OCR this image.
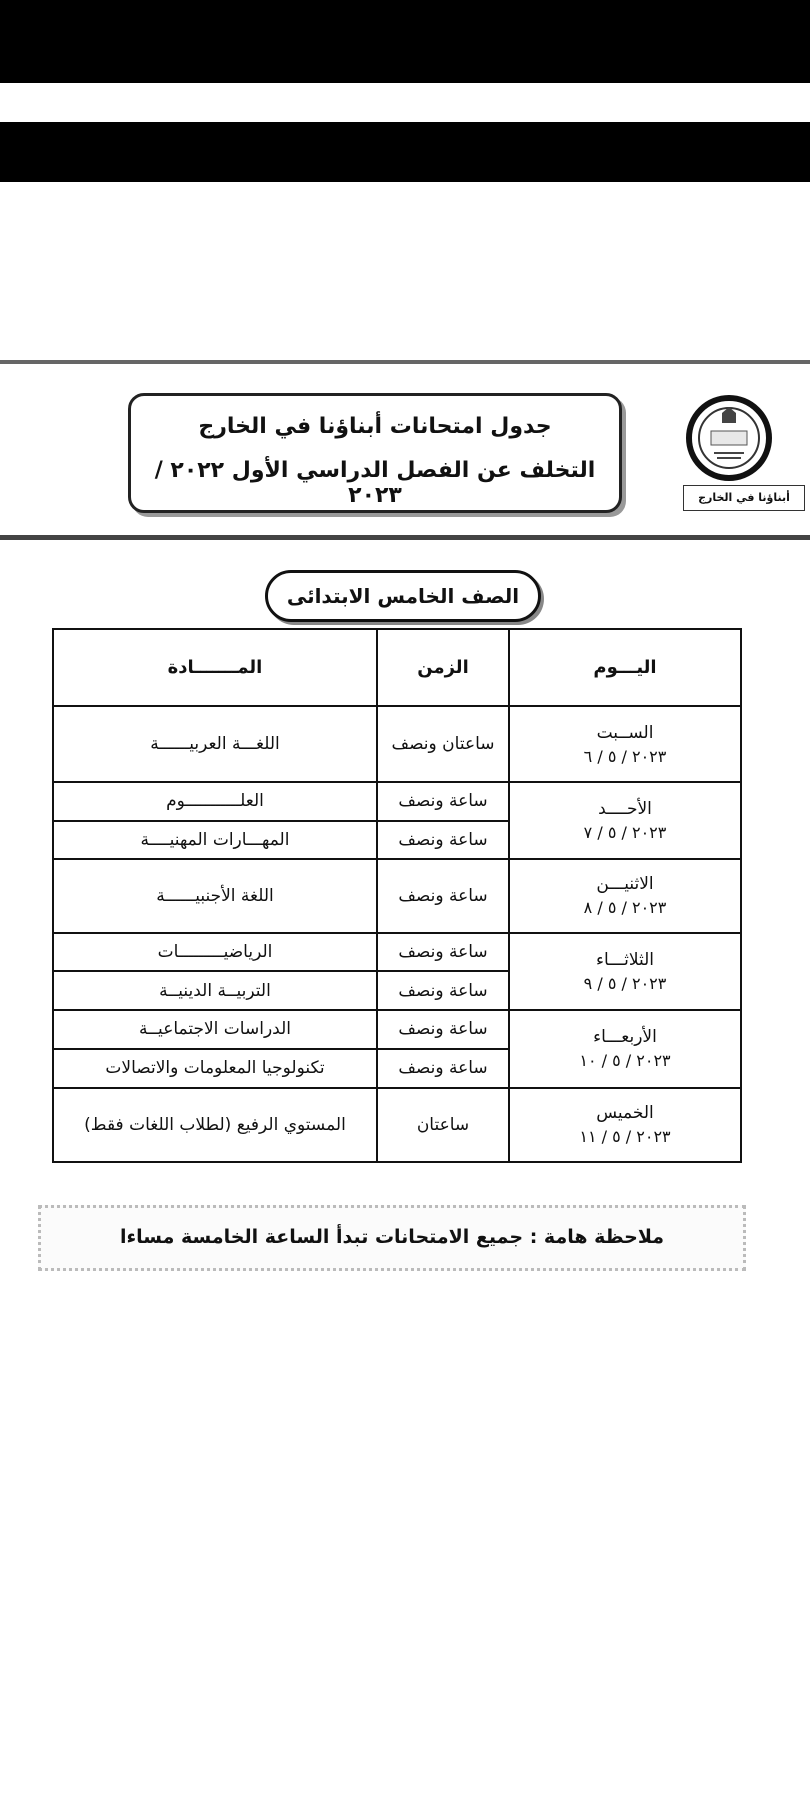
أبناؤنا في الخارج
جدول امتحانات أبناؤنا في الخارج
التخلف عن الفصل الدراسي الأول ٢٠٢٢ / ٢٠٢٣
الصف الخامس الابتدائى
اليـــوم	الزمن	المـــــــادة

الســبت
٢٠٢٣ / ٥ / ٦	ساعتان ونصف	اللغـــة العربيــــــة

الأحــــد
٢٠٢٣ / ٥ / ٧	ساعة ونصف	العلـــــــــــوم
	ساعة ونصف	المهـــارات المهنيــــة

الاثنيـــن
٢٠٢٣ / ٥ / ٨	ساعة ونصف	اللغة الأجنبيــــــة

الثلاثـــاء
٢٠٢٣ / ٥ / ٩	ساعة ونصف	الرياضيـــــــــات
	ساعة ونصف	التربيــة الدينيــة

الأربعـــاء
٢٠٢٣ / ٥ / ١٠	ساعة ونصف	الدراسات الاجتماعيــة
	ساعة ونصف	تكنولوجيا المعلومات والاتصالات

الخميس
٢٠٢٣ / ٥ / ١١	ساعتان	المستوي الرفيع (لطلاب اللغات فقط)
ملاحظة هامة : جميع الامتحانات تبدأ الساعة الخامسة مساءا
